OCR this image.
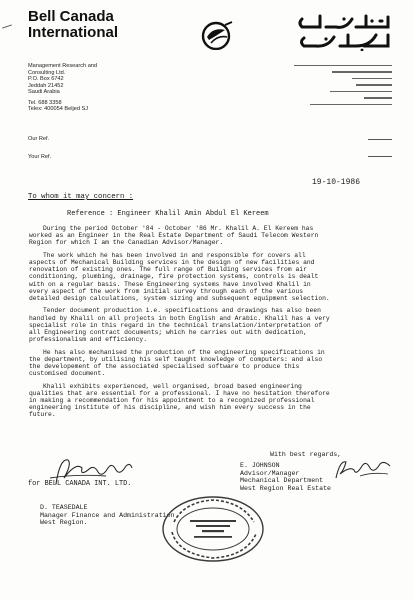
Bell Canada
International
Management Research and Consulting Ltd.
P.O. Box 6742
Jeddah 21452
Saudi Arabia
Tel. 688 3358
Telex: 400054 Beljed SJ
Our Ref.
Your Ref.
19-10-1986
To whom it may concern :
Reference : Engineer Khalil Amin Abdul El Kereem

During the period October '84 - October '86 Mr. Khalil A. El Kereem has
worked as an Engineer in the Real Estate Department of Saudi Telecom Western
Region for which I am the Canadian Advisor/Manager.

The work which he has been involved in and responsible for covers all
aspects of Mechanical Building services in the design of new facilities and
renovation of existing ones. The full range of Building services from air
conditioning, plumbing, drainage, fire protection systems, controls is dealt
with on a regular basis. These Engineering systems have involved Khalil in
every aspect of the work from initial survey through each of the various
detailed design calculations, system sizing and subsequent equipment selection.

Tender document production i.e. specifications and drawings has also been
handled by Khalil on all projects in both English and Arabic. Khalil has a very
specialist role in this regard in the technical translation/interpretation of
all Engineering contract documents; which he carries out with dedication,
professionalism and efficiency.

He has also mechanised the production of the engineering specifications in
the department, by utilising his self taught knowledge of computers: and also
the developement of the associated specialised software to produce this
customised document.

Khalil exhibits experienced, well organised, broad based engineering
qualities that are essential for a professional. I have no hesitation therefore
in making a recommendation for his appointment to a recognized professional
engineering institute of his discipline, and wish him every success in the
future.

With best regards,
for BELL CANADA INT. LTD.
D. TEASEDALE
Manager Finance and Administration
West Region.
E. JOHNSON
Advisor/Manager
Mechanical Department
West Region Real Estate
